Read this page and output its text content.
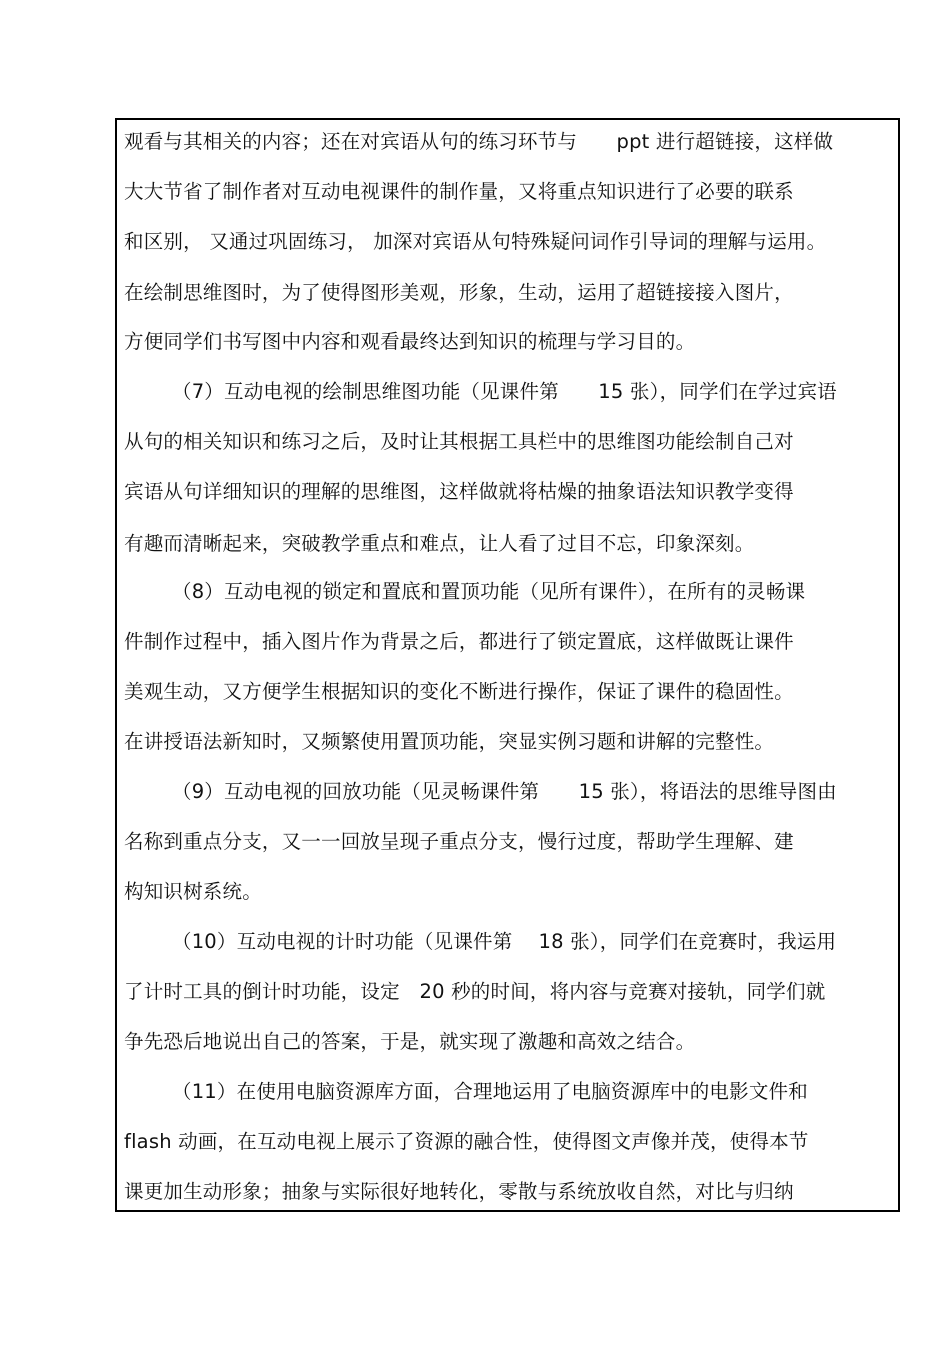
观看与其相关的内容；还在对宾语从句的练习环节与　　ppt 进行超链接，这样做
大大节省了制作者对互动电视课件的制作量，又将重点知识进行了必要的联系
和区别， 又通过巩固练习， 加深对宾语从句特殊疑问词作引导词的理解与运用。
在绘制思维图时，为了使得图形美观，形象，生动，运用了超链接接入图片，
方便同学们书写图中内容和观看最终达到知识的梳理与学习目的。
（7）互动电视的绘制思维图功能（见课件第　　15 张），同学们在学过宾语
从句的相关知识和练习之后，及时让其根据工具栏中的思维图功能绘制自己对
宾语从句详细知识的理解的思维图，这样做就将枯燥的抽象语法知识教学变得
有趣而清晰起来，突破教学重点和难点，让人看了过目不忘，印象深刻。
（8）互动电视的锁定和置底和置顶功能（见所有课件），在所有的灵畅课
件制作过程中，插入图片作为背景之后，都进行了锁定置底，这样做既让课件
美观生动，又方便学生根据知识的变化不断进行操作，保证了课件的稳固性。
在讲授语法新知时，又频繁使用置顶功能，突显实例习题和讲解的完整性。
（9）互动电视的回放功能（见灵畅课件第　　15 张），将语法的思维导图由
名称到重点分支，又一一回放呈现子重点分支，慢行过度，帮助学生理解、建
构知识树系统。
（10）互动电视的计时功能（见课件第　 18 张），同学们在竞赛时，我运用
了计时工具的倒计时功能，设定　20 秒的时间，将内容与竞赛对接轨，同学们就
争先恐后地说出自己的答案，于是，就实现了激趣和高效之结合。
（11）在使用电脑资源库方面，合理地运用了电脑资源库中的电影文件和
flash 动画，在互动电视上展示了资源的融合性，使得图文声像并茂，使得本节
课更加生动形象；抽象与实际很好地转化，零散与系统放收自然，对比与归纳
